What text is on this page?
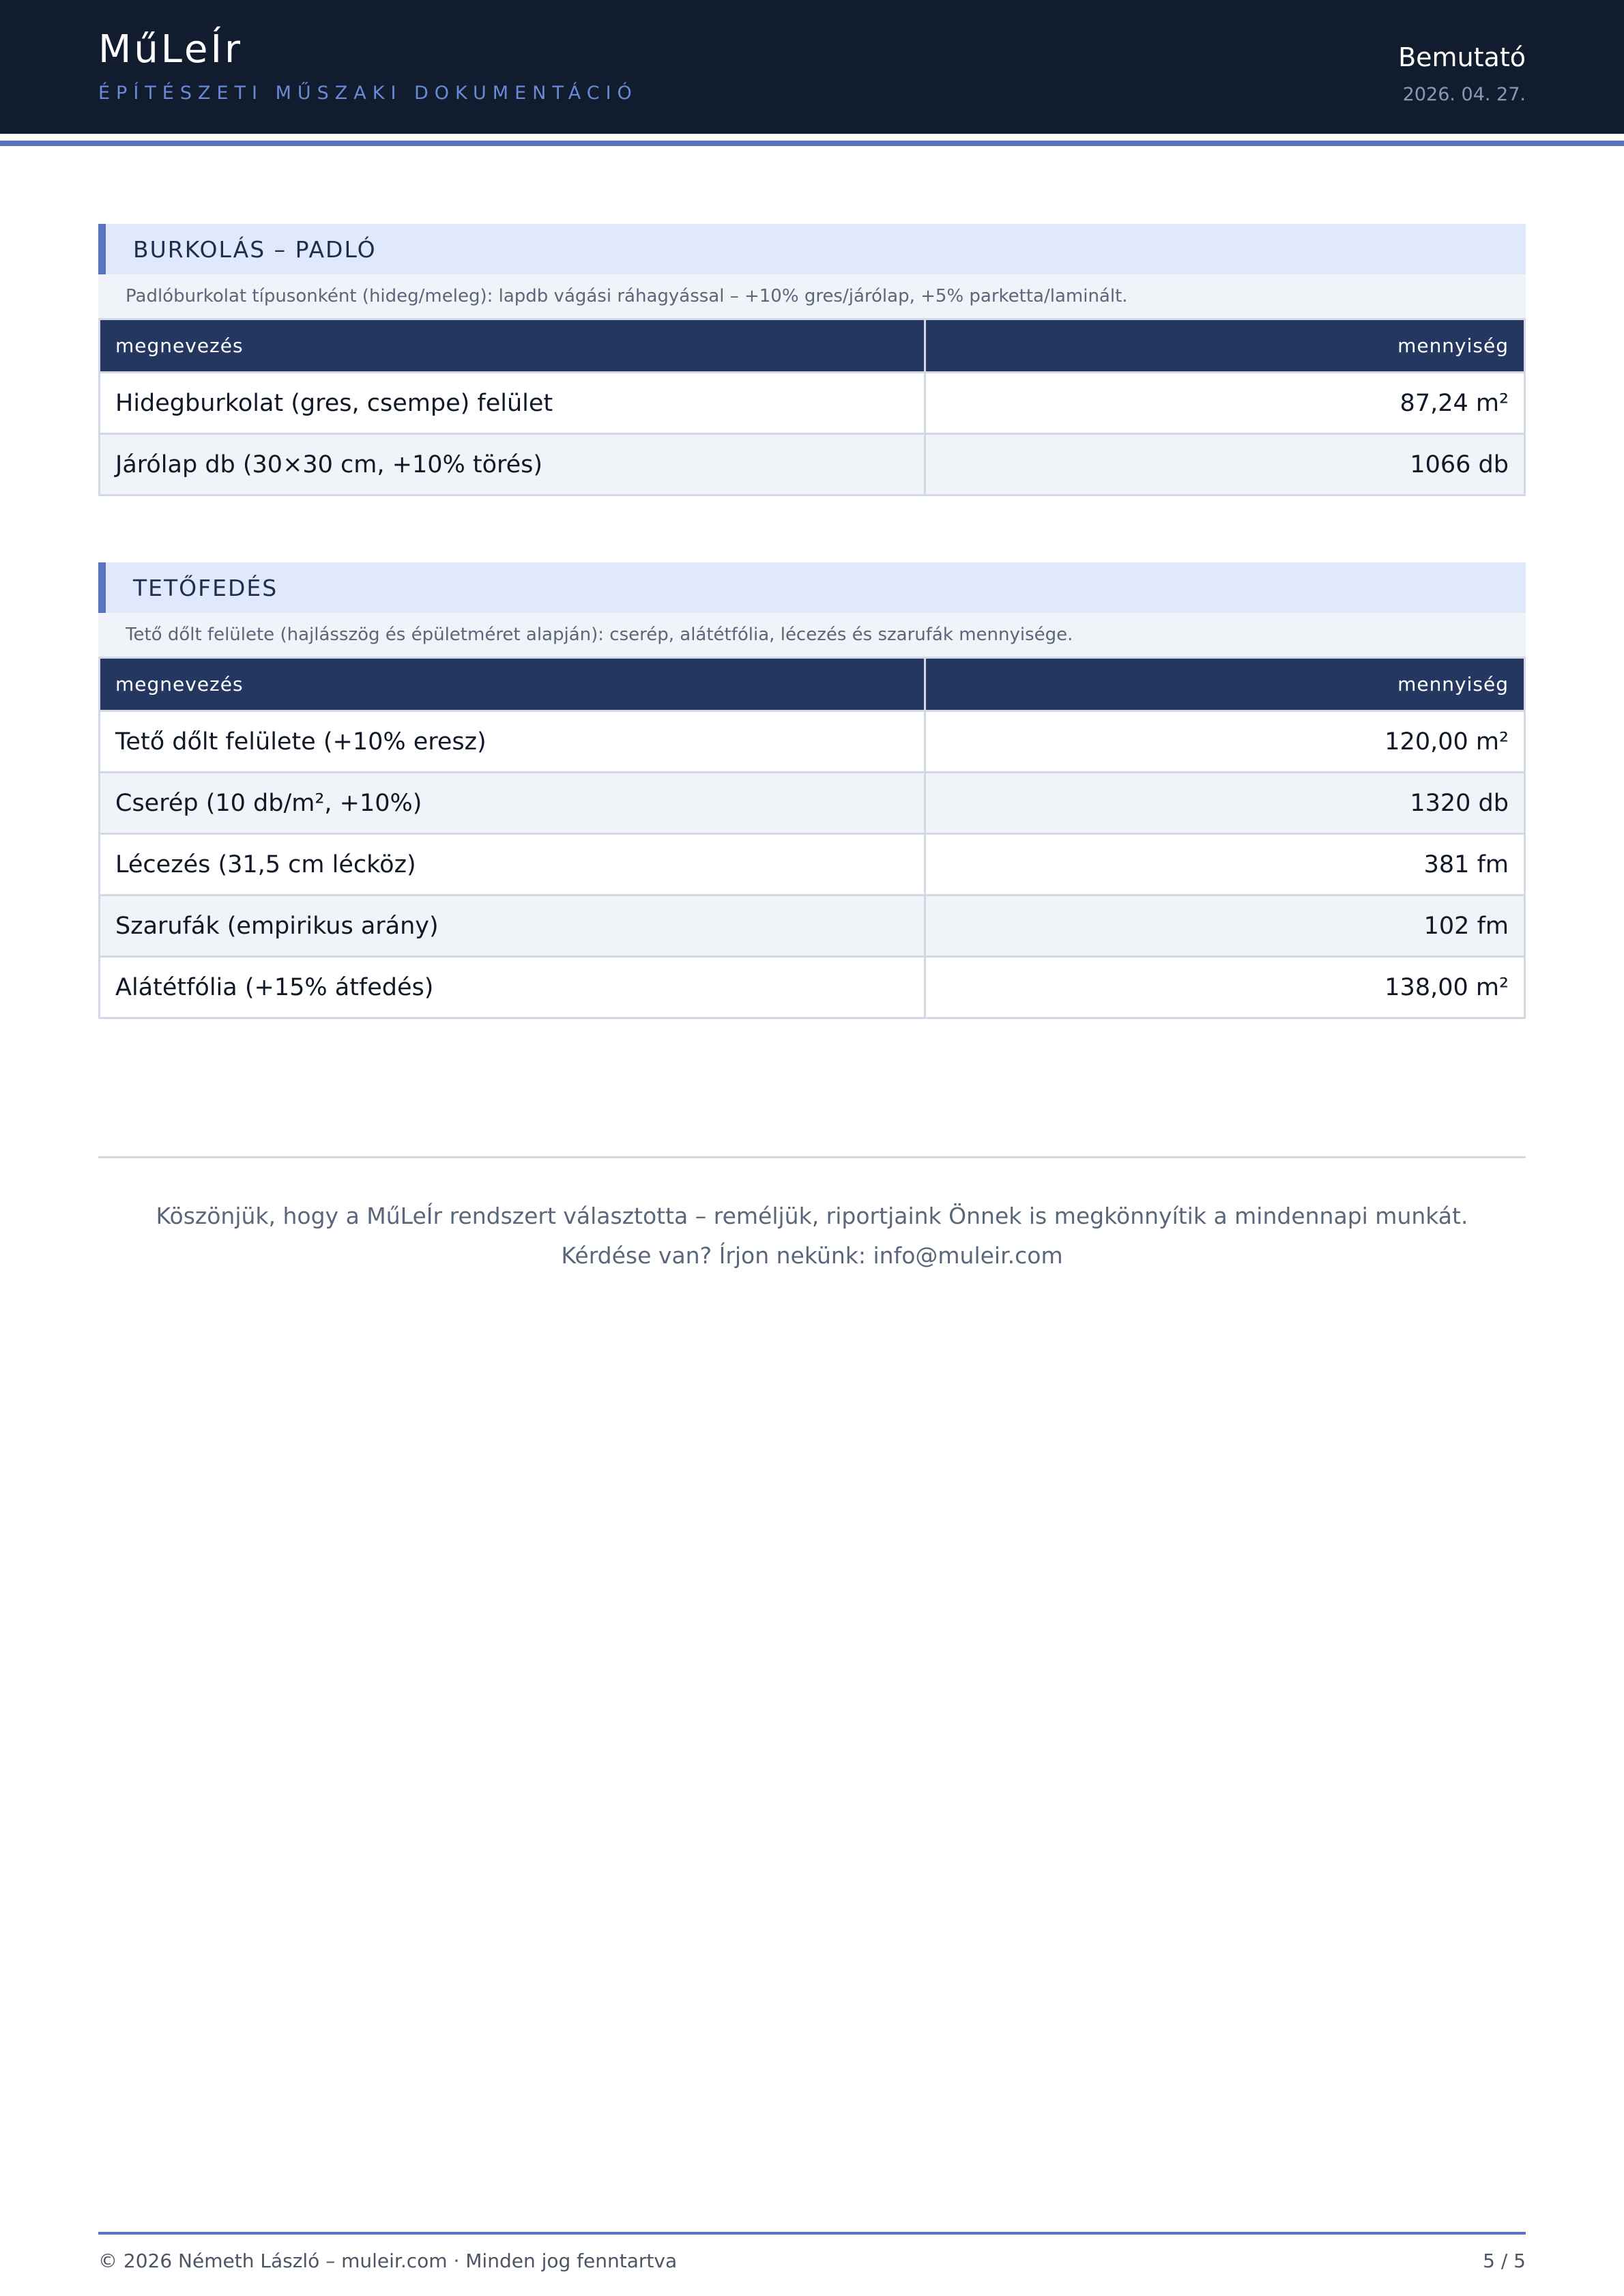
MűLeÍr
ÉPÍTÉSZETI MŰSZAKI DOKUMENTÁCIÓ
Bemutató
2026. 04. 27.
BURKOLÁS – PADLÓ
Padlóburkolat típusonként (hideg/meleg): lapdb vágási ráhagyással – +10% gres/járólap, +5% parketta/laminált.
megnevezés	mennyiség
Hidegburkolat (gres, csempe) felület	87,24 m²
Járólap db (30×30 cm, +10% törés)	1066 db
TETŐFEDÉS
Tető dőlt felülete (hajlásszög és épületméret alapján): cserép, alátétfólia, lécezés és szarufák mennyisége.
megnevezés	mennyiség
Tető dőlt felülete (+10% eresz)	120,00 m²
Cserép (10 db/m², +10%)	1320 db
Lécezés (31,5 cm lécköz)	381 fm
Szarufák (empirikus arány)	102 fm
Alátétfólia (+15% átfedés)	138,00 m²
Köszönjük, hogy a MűLeÍr rendszert választotta – reméljük, riportjaink Önnek is megkönnyítik a mindennapi munkát.
Kérdése van? Írjon nekünk: info@muleir.com
© 2026 Németh László – muleir.com · Minden jog fenntartva	5 / 5
